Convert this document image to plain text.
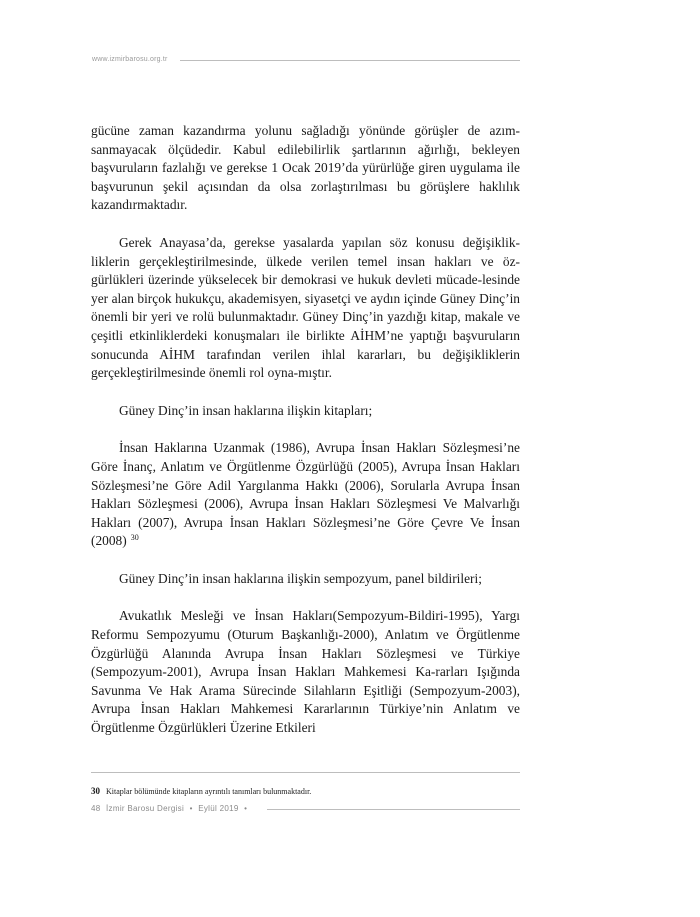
www.izmirbarosu.org.tr

gücüne zaman kazandırma yolunu sağladığı yönünde görüşler de azım-sanmayacak ölçüdedir. Kabul edilebilirlik şartlarının ağırlığı, bekleyen başvuruların fazlalığı ve gerekse 1 Ocak 2019’da yürürlüğe giren uygulama ile başvurunun şekil açısından da olsa zorlaştırılması bu görüşlere haklılık kazandırmaktadır.

Gerek Anayasa’da, gerekse yasalarda yapılan söz konusu değişiklik-liklerin gerçekleştirilmesinde, ülkede verilen temel insan hakları ve öz-gürlükleri üzerinde yükselecek bir demokrasi ve hukuk devleti mücade-lesinde yer alan birçok hukukçu, akademisyen, siyasetçi ve aydın içinde Güney Dinç’in önemli bir yeri ve rolü bulunmaktadır. Güney Dinç’in yazdığı kitap, makale ve çeşitli etkinliklerdeki konuşmaları ile birlikte AİHM’ne yaptığı başvuruların sonucunda AİHM tarafından verilen ihlal kararları, bu değişikliklerin gerçekleştirilmesinde önemli rol oyna-mıştır.

Güney Dinç’in insan haklarına ilişkin kitapları;

İnsan Haklarına Uzanmak (1986), Avrupa İnsan Hakları Sözleşmesi’ne Göre İnanç, Anlatım ve Örgütlenme Özgürlüğü (2005), Avrupa İnsan Hakları Sözleşmesi’ne Göre Adil Yargılanma Hakkı (2006), Sorularla Avrupa İnsan Hakları Sözleşmesi (2006), Avrupa İnsan Hakları Sözleşmesi Ve Malvarlığı Hakları (2007), Avrupa İnsan Hakları Sözleşmesi’ne Göre Çevre Ve İnsan (2008) $^{30}$

Güney Dinç’in insan haklarına ilişkin sempozyum, panel bildirileri;

Avukatlık Mesleği ve İnsan Hakları(Sempozyum-Bildiri-1995), Yargı Reformu Sempozyumu (Oturum Başkanlığı-2000), Anlatım ve Örgütlenme Özgürlüğü Alanında Avrupa İnsan Hakları Sözleşmesi ve Türkiye (Sempozyum-2001), Avrupa İnsan Hakları Mahkemesi Ka-rarları Işığında Savunma Ve Hak Arama Sürecinde Silahların Eşitliği (Sempozyum-2003), Avrupa İnsan Hakları Mahkemesi Kararlarının Türkiye’nin Anlatım ve Örgütlenme Özgürlükleri Üzerine Etkileri

30 Kitaplar bölümünde kitapların ayrıntılı tanımları bulunmaktadır.
48 İzmir Barosu Dergisi • Eylül 2019 •
